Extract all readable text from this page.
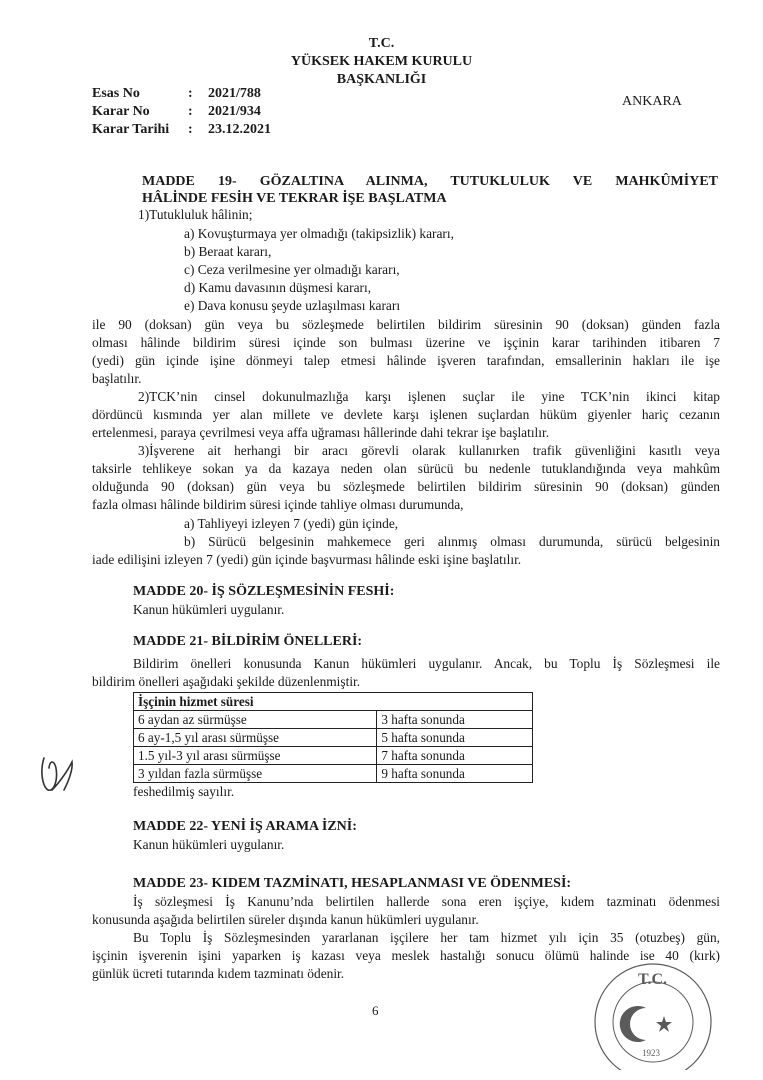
T.C.
YÜKSEK HAKEM KURULU
BAŞKANLIĞI
ANKARA
Esas No	: 2021/788
Karar No	: 2021/934
Karar Tarihi : 23.12.2021
MADDE 19- GÖZALTINA ALINMA, TUTUKLULUK VE MAHKÛMİYET
HÂLİNDE FESİH VE TEKRAR İŞE BAŞLATMA
1)Tutukluluk hâlinin;
a) Kovuşturmaya yer olmadığı (takipsizlik) kararı,
b) Beraat kararı,
c) Ceza verilmesine yer olmadığı kararı,
d) Kamu davasının düşmesi kararı,
e) Dava konusu şeyde uzlaşılması kararı
ile 90 (doksan) gün veya bu sözleşmede belirtilen bildirim süresinin 90 (doksan) günden fazla
olması hâlinde bildirim süresi içinde son bulması üzerine ve işçinin karar tarihinden itibaren 7
(yedi) gün içinde işine dönmeyi talep etmesi hâlinde işveren tarafından, emsallerinin hakları ile işe
başlatılır.
2)TCK’nin cinsel dokunulmazlığa karşı işlenen suçlar ile yine TCK’nin ikinci kitap
dördüncü kısmında yer alan millete ve devlete karşı işlenen suçlardan hüküm giyenler hariç cezanın
ertelenmesi, paraya çevrilmesi veya affa uğraması hâllerinde dahi tekrar işe başlatılır.
3)İşverene ait herhangi bir aracı görevli olarak kullanırken trafik güvenliğini kasıtlı veya
taksirle tehlikeye sokan ya da kazaya neden olan sürücü bu nedenle tutuklandığında veya mahkûm
olduğunda 90 (doksan) gün veya bu sözleşmede belirtilen bildirim süresinin 90 (doksan) günden
fazla olması hâlinde bildirim süresi içinde tahliye olması durumunda,
a) Tahliyeyi izleyen 7 (yedi) gün içinde,
b) Sürücü belgesinin mahkemece geri alınmış olması durumunda, sürücü belgesinin
iade edilişini izleyen 7 (yedi) gün içinde başvurması hâlinde eski işine başlatılır.
MADDE 20- İŞ SÖZLEŞMESİNİN FESHİ:
Kanun hükümleri uygulanır.
MADDE 21- BİLDİRİM ÖNELLERİ:
Bildirim önelleri konusunda Kanun hükümleri uygulanır. Ancak, bu Toplu İş Sözleşmesi ile
bildirim önelleri aşağıdaki şekilde düzenlenmiştir.
İşçinin hizmet süresi	
6 aydan az sürmüşse	3 hafta sonunda
6 ay-1,5 yıl arası sürmüşse	5 hafta sonunda
1.5 yıl-3 yıl arası sürmüşse	7 hafta sonunda
3 yıldan fazla sürmüşse	9 hafta sonunda
feshedilmiş sayılır.
MADDE 22- YENİ İŞ ARAMA İZNİ:
Kanun hükümleri uygulanır.
MADDE 23- KIDEM TAZMİNATI, HESAPLANMASI VE ÖDENMESİ:
İş sözleşmesi İş Kanunu’nda belirtilen hallerde sona eren işçiye, kıdem tazminatı ödenmesi
konusunda aşağıda belirtilen süreler dışında kanun hükümleri uygulanır.
Bu Toplu İş Sözleşmesinden yararlanan işçilere her tam hizmet yılı için 35 (otuzbeş) gün,
işçinin işverenin işini yaparken iş kazası veya meslek hastalığı sonucu ölümü halinde ise 40 (kırk)
günlük ücreti tutarında kıdem tazminatı ödenir.	T.C.
1923
6
